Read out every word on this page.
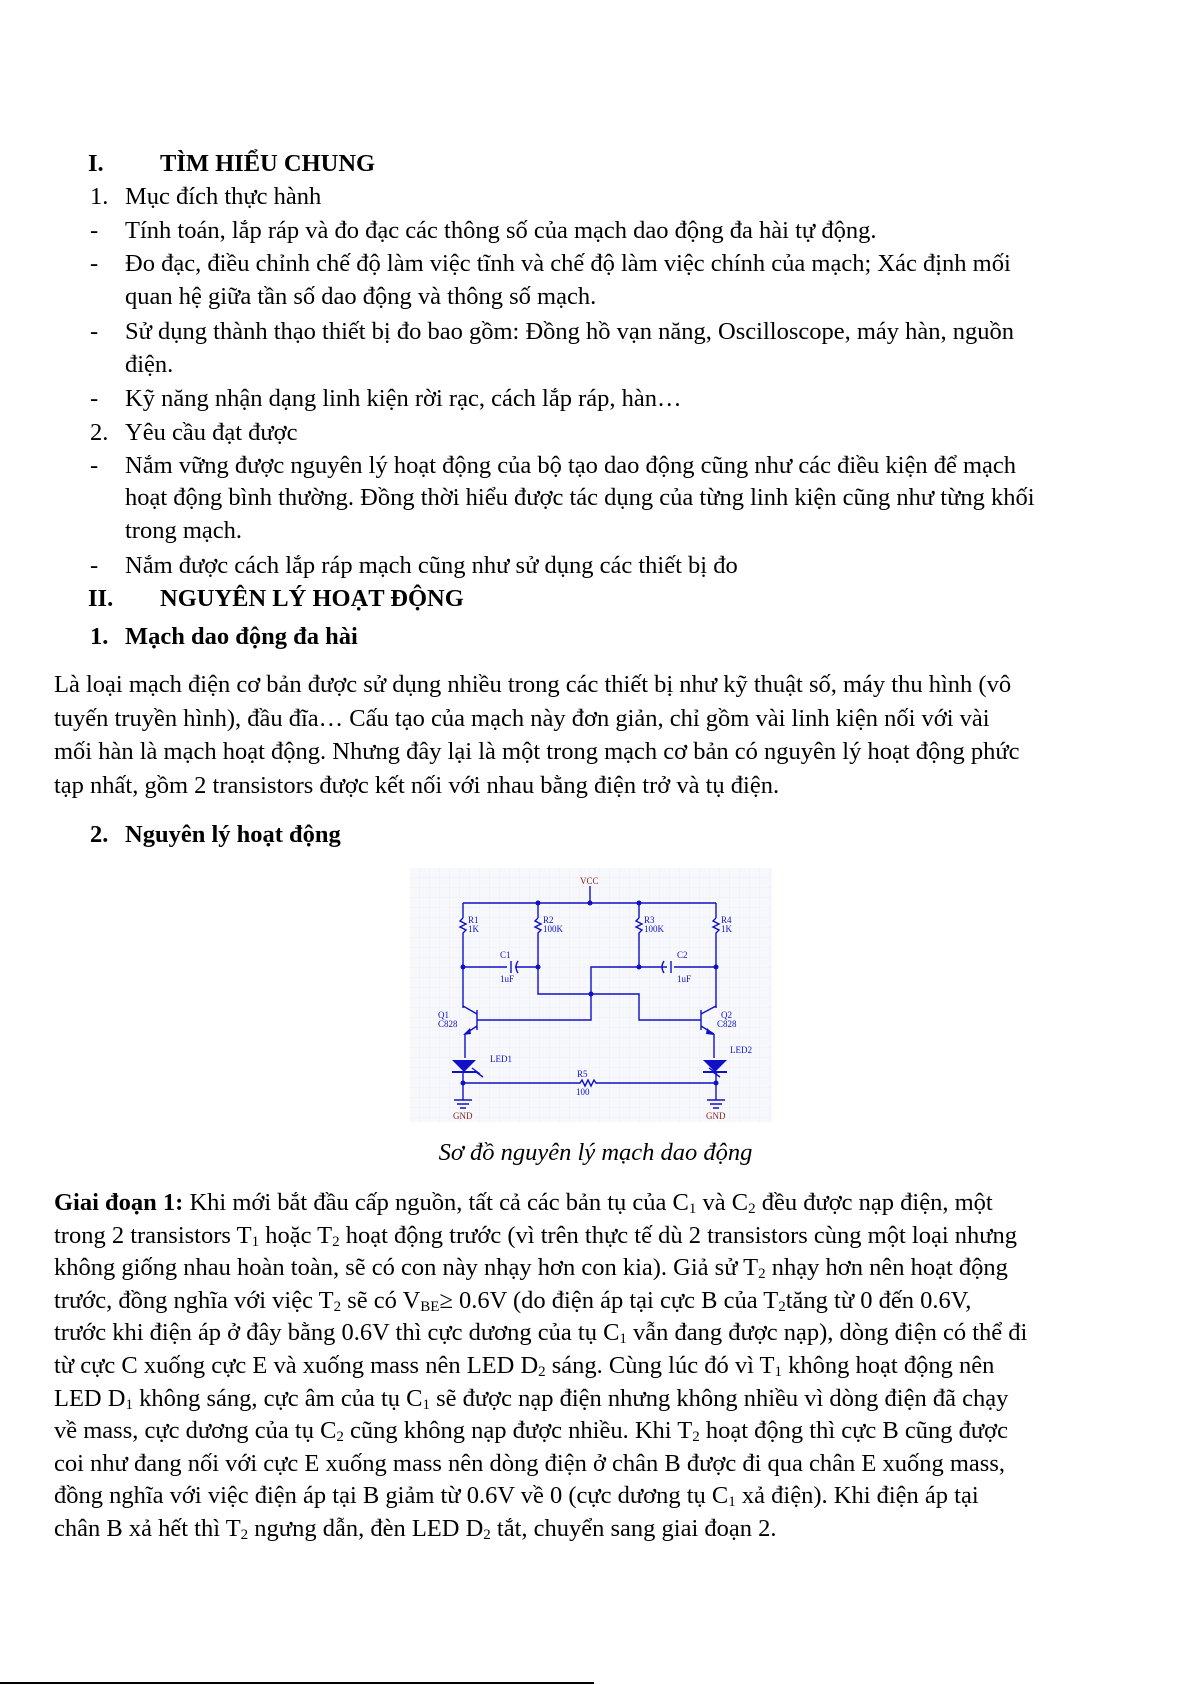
I. TÌM HIỂU CHUNG
1. Mục đích thực hành
- Tính toán, lắp ráp và đo đạc các thông số của mạch dao động đa hài tự động.
- Đo đạc, điều chỉnh chế độ làm việc tĩnh và chế độ làm việc chính của mạch; Xác định mối
quan hệ giữa tần số dao động và thông số mạch.
- Sử dụng thành thạo thiết bị đo bao gồm: Đồng hồ vạn năng, Oscilloscope, máy hàn, nguồn
điện.
- Kỹ năng nhận dạng linh kiện rời rạc, cách lắp ráp, hàn…
2. Yêu cầu đạt được
- Nắm vững được nguyên lý hoạt động của bộ tạo dao động cũng như các điều kiện để mạch
hoạt động bình thường. Đồng thời hiểu được tác dụng của từng linh kiện cũng như từng khối
trong mạch.
- Nắm được cách lắp ráp mạch cũng như sử dụng các thiết bị đo
II. NGUYÊN LÝ HOẠT ĐỘNG
1. Mạch dao động đa hài
Là loại mạch điện cơ bản được sử dụng nhiều trong các thiết bị như kỹ thuật số, máy thu hình (vô
tuyến truyền hình), đầu đĩa… Cấu tạo của mạch này đơn giản, chỉ gồm vài linh kiện nối với vài
mối hàn là mạch hoạt động. Nhưng đây lại là một trong mạch cơ bản có nguyên lý hoạt động phức
tạp nhất, gồm 2 transistors được kết nối với nhau bằng điện trở và tụ điện.
2. Nguyên lý hoạt động
R1
1K
R2
100K
R3
100K
R4
1K
C1
1uF
C2
1uF
Q1
C828
Q2
C828
LED1
LED2
R5
100
VCC
GND	GND
Sơ đồ nguyên lý mạch dao động
Giai đoạn 1: Khi mới bắt đầu cấp nguồn, tất cả các bản tụ của $C_1$ và $C_2$ đều được nạp điện, một
trong 2 transistors $T_1$ hoặc $T_2$ hoạt động trước (vì trên thực tế dù 2 transistors cùng một loại nhưng
không giống nhau hoàn toàn, sẽ có con này nhạy hơn con kia). Giả sử $T_2$ nhạy hơn nên hoạt động
trước, đồng nghĩa với việc $T_2$ sẽ có $V_{BE}\ge 0.6V$ (do điện áp tại cực B của $T_2tăng$ từ 0 đến 0.6V,
trước khi điện áp ở đây bằng 0.6V thì cực dương của tụ $C_1$ vẫn đang được nạp), dòng điện có thể đi
từ cực C xuống cực E và xuống mass nên LED $D_2$ sáng. Cùng lúc đó vì $T_1$ không hoạt động nên
LED $D_1$ không sáng, cực âm của tụ $C_1$ sẽ được nạp điện nhưng không nhiều vì dòng điện đã chạy
về mass, cực dương của tụ $C_2$ cũng không nạp được nhiều. Khi $T_2$ hoạt động thì cực B cũng được
coi như đang nối với cực E xuống mass nên dòng điện ở chân B được đi qua chân E xuống mass,
đồng nghĩa với việc điện áp tại B giảm từ 0.6V về 0 (cực dương tụ $C_1$ xả điện). Khi điện áp tại
chân B xả hết thì $T_2$ ngưng dẫn, đèn LED $D_2$ tắt, chuyển sang giai đoạn 2.
